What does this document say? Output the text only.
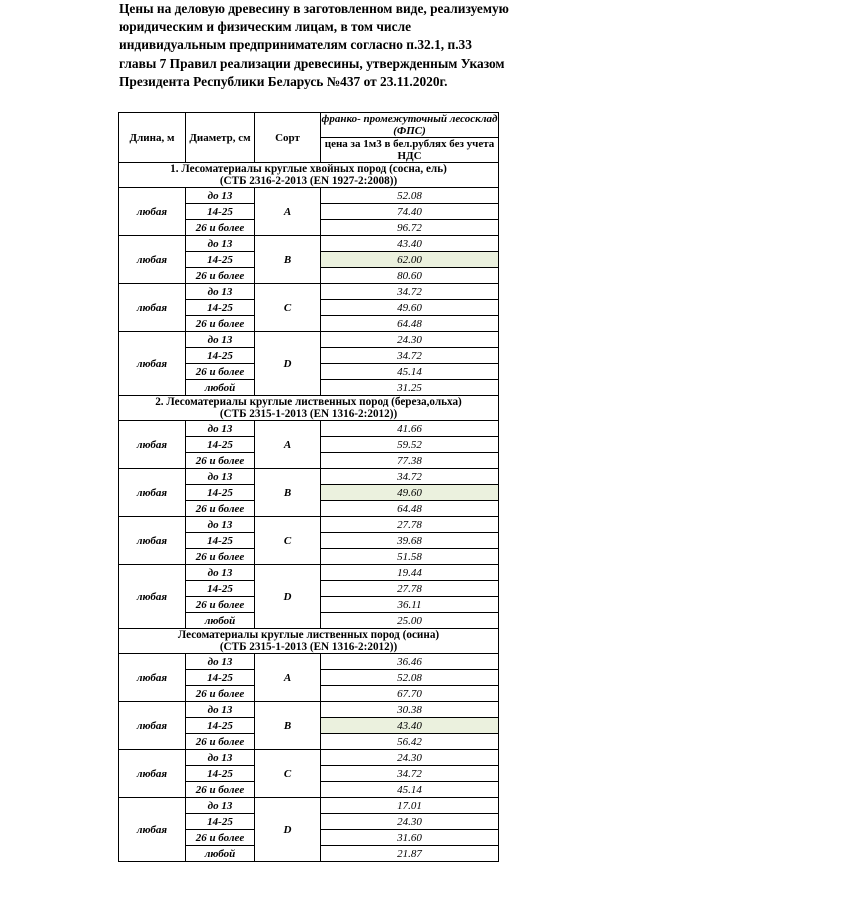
Цены на деловую древесину в заготовленном виде, реализуемую юридическим и физическим лицам, в том числе индивидуальным предпринимателям согласно п.32.1, п.33 главы 7 Правил реализации древесины, утвержденным Указом Президента Республики Беларусь №437 от 23.11.2020г.
Длина, м	Диаметр, см	Сорт	франко- промежуточный лесосклад (ФПС)
			цена за 1м3 в бел.рублях без учета НДС
1. Лесоматериалы круглые хвойных пород (сосна, ель)
(СТБ 2316-2-2013 (EN 1927-2:2008))			
любая	до 13	A	52.08
	14-25		74.40
	26 и более		96.72
любая	до 13	B	43.40
	14-25		62.00
	26 и более		80.60
любая	до 13	C	34.72
	14-25		49.60
	26 и более		64.48
любая	до 13	D	24.30
	14-25		34.72
	26 и более		45.14
	любой		31.25
2. Лесоматериалы круглые лиственных пород (береза,ольха)
(СТБ 2315-1-2013 (EN 1316-2:2012))			
любая	до 13	A	41.66
	14-25		59.52
	26 и более		77.38
любая	до 13	B	34.72
	14-25		49.60
	26 и более		64.48
любая	до 13	C	27.78
	14-25		39.68
	26 и более		51.58
любая	до 13	D	19.44
	14-25		27.78
	26 и более		36.11
	любой		25.00
Лесоматериалы круглые лиственных пород (осина)
(СТБ 2315-1-2013 (EN 1316-2:2012))			
любая	до 13	A	36.46
	14-25		52.08
	26 и более		67.70
любая	до 13	B	30.38
	14-25		43.40
	26 и более		56.42
любая	до 13	C	24.30
	14-25		34.72
	26 и более		45.14
любая	до 13	D	17.01
	14-25		24.30
	26 и более		31.60
	любой		21.87
